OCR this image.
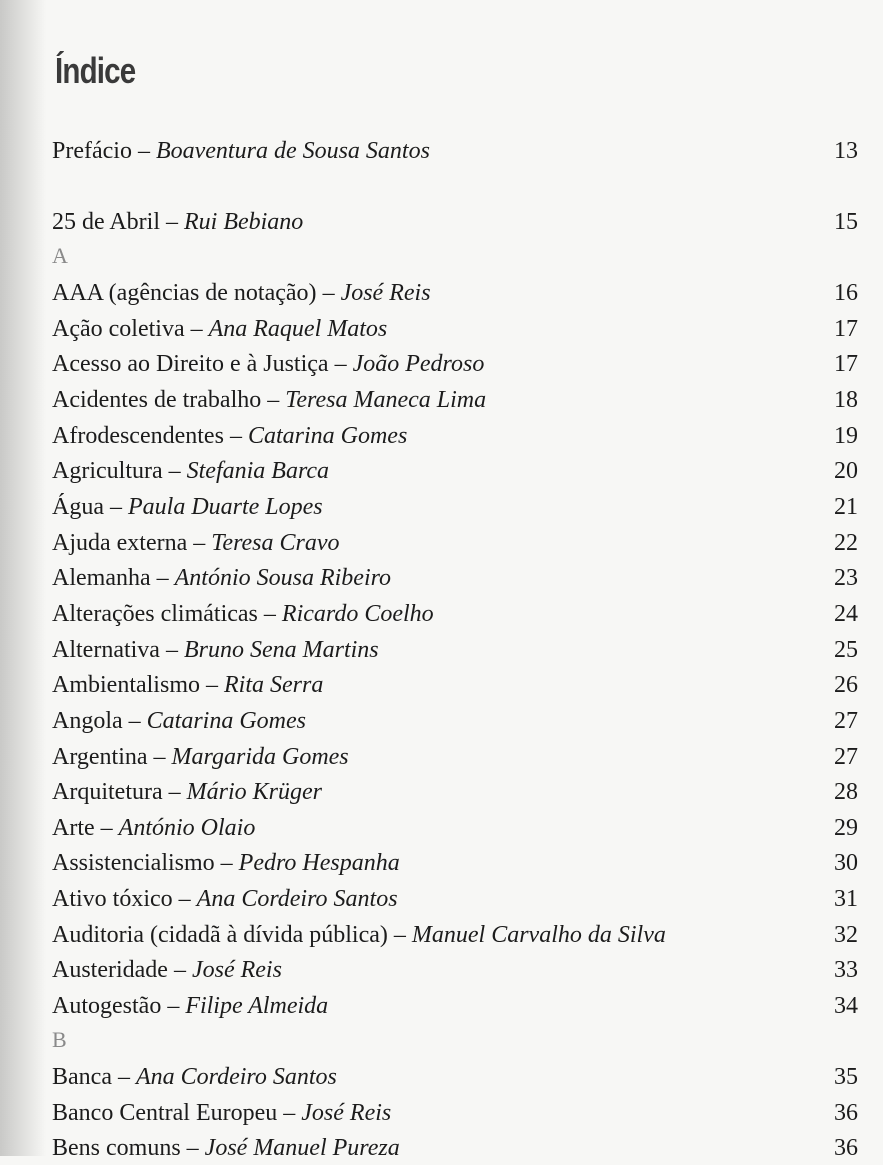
Índice
Prefácio – Boaventura de Sousa Santos	13
25 de Abril – Rui Bebiano	15
A
AAA (agências de notação) – José Reis	16
Ação coletiva – Ana Raquel Matos	17
Acesso ao Direito e à Justiça – João Pedroso	17
Acidentes de trabalho – Teresa Maneca Lima	18
Afrodescendentes – Catarina Gomes	19
Agricultura – Stefania Barca	20
Água – Paula Duarte Lopes	21
Ajuda externa – Teresa Cravo	22
Alemanha – António Sousa Ribeiro	23
Alterações climáticas – Ricardo Coelho	24
Alternativa – Bruno Sena Martins	25
Ambientalismo – Rita Serra	26
Angola – Catarina Gomes	27
Argentina – Margarida Gomes	27
Arquitetura – Mário Krüger	28
Arte – António Olaio	29
Assistencialismo – Pedro Hespanha	30
Ativo tóxico – Ana Cordeiro Santos	31
Auditoria (cidadã à dívida pública) – Manuel Carvalho da Silva	32
Austeridade – José Reis	33
Autogestão – Filipe Almeida	34
B
Banca – Ana Cordeiro Santos	35
Banco Central Europeu – José Reis	36
Bens comuns – José Manuel Pureza	36
